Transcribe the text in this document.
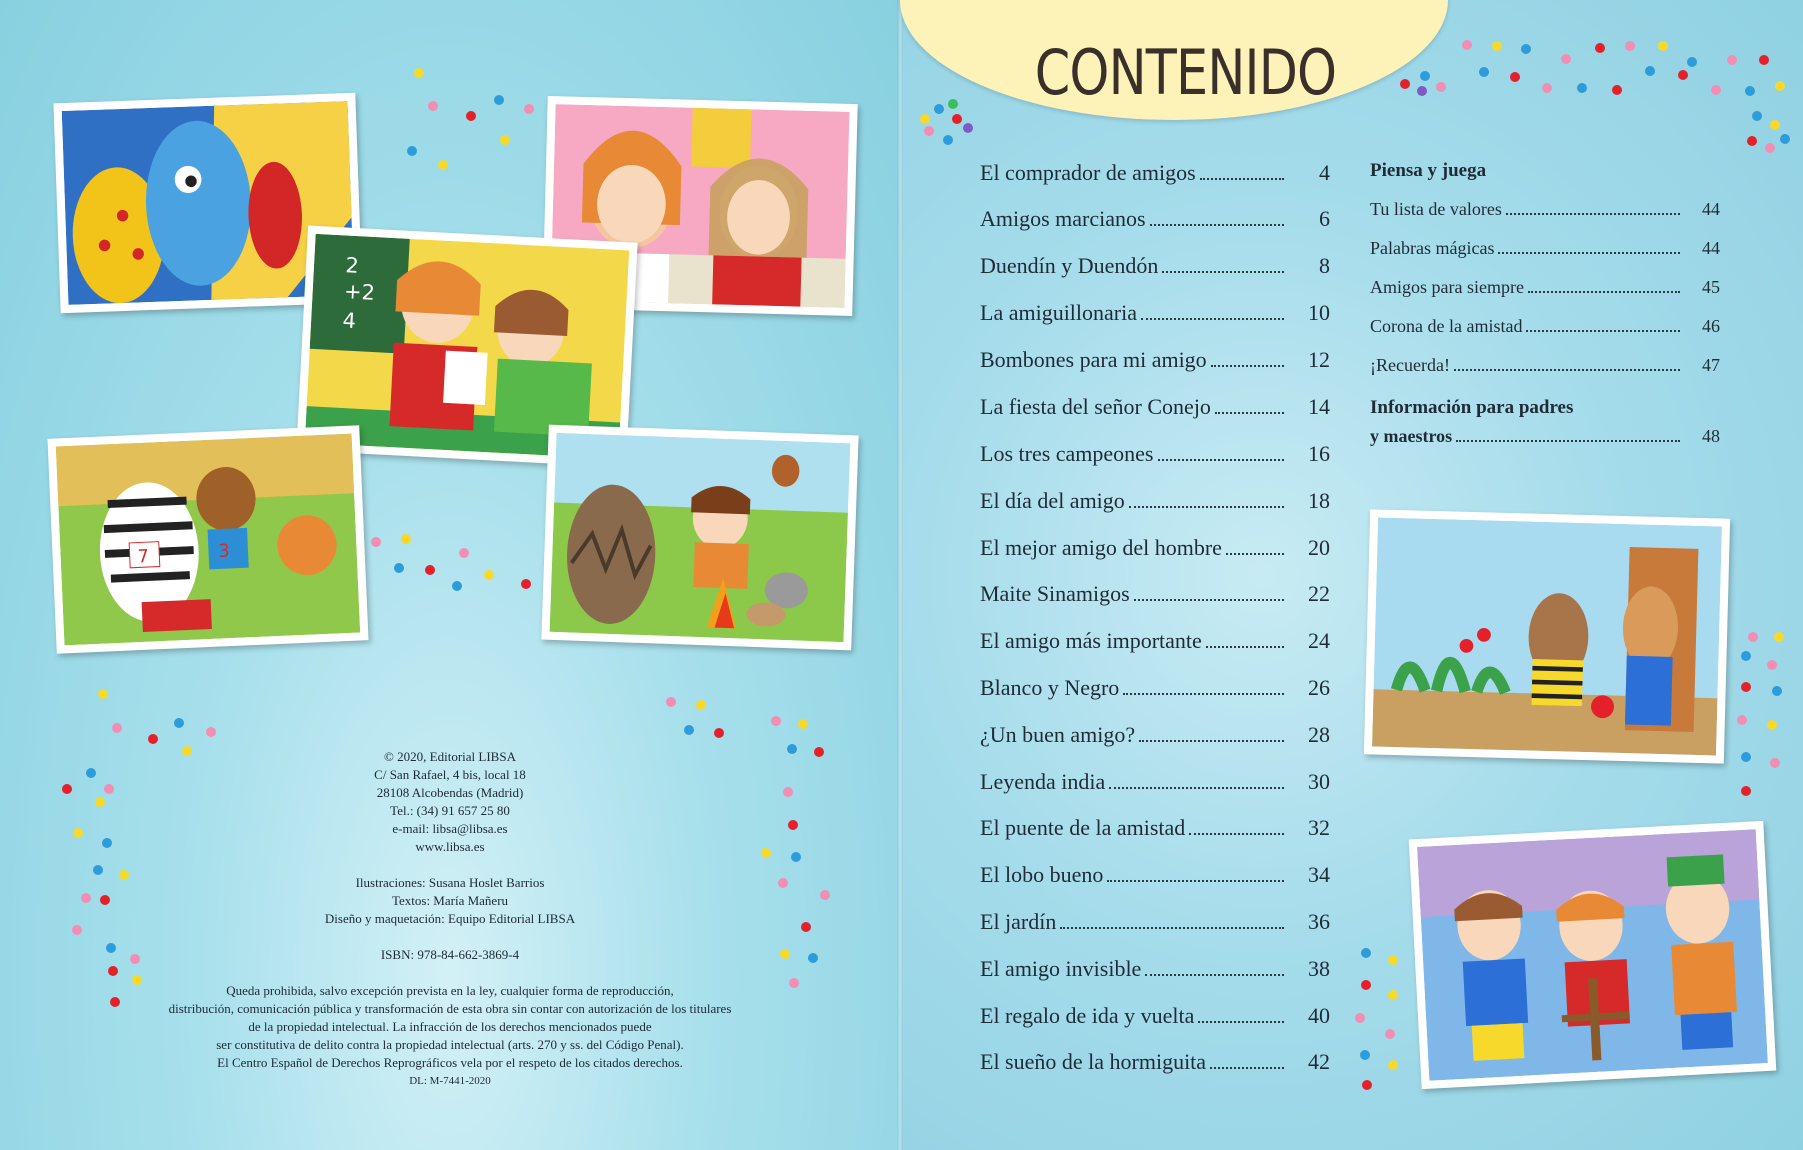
2
+2
4
7	3

© 2020, Editorial LIBSA

C/ San Rafael, 4 bis, local 18

28108 Alcobendas (Madrid)

Tel.: (34) 91 657 25 80

e-mail: libsa@libsa.es

www.libsa.es

Ilustraciones: Susana Hoslet Barrios

Textos: María Mañeru

Diseño y maquetación: Equipo Editorial LIBSA

ISBN: 978-84-662-3869-4

Queda prohibida, salvo excepción prevista en la ley, cualquier forma de reproducción,

distribución, comunicación pública y transformación de esta obra sin contar con autorización de los titulares

de la propiedad intelectual. La infracción de los derechos mencionados puede

ser constitutiva de delito contra la propiedad intelectual (arts. 270 y ss. del Código Penal).

El Centro Español de Derechos Reprográficos vela por el respeto de los citados derechos.

DL: M-7441-2020

CONTENIDO
El comprador de amigos	4
Amigos marcianos	6
Duendín y Duendón	8
La amiguillonaria	10
Bombones para mi amigo	12
La fiesta del señor Conejo	14
Los tres campeones	16
El día del amigo	18
El mejor amigo del hombre	20
Maite Sinamigos	22
El amigo más importante	24
Blanco y Negro	26
¿Un buen amigo?	28
Leyenda india	30
El puente de la amistad	32
El lobo bueno	34
El jardín	36
El amigo invisible	38
El regalo de ida y vuelta	40
El sueño de la hormiguita	42
Piensa y juega
Tu lista de valores	44
Palabras mágicas	44
Amigos para siempre	45
Corona de la amistad	46
¡Recuerda!	47
Información para padres
y maestros	48
